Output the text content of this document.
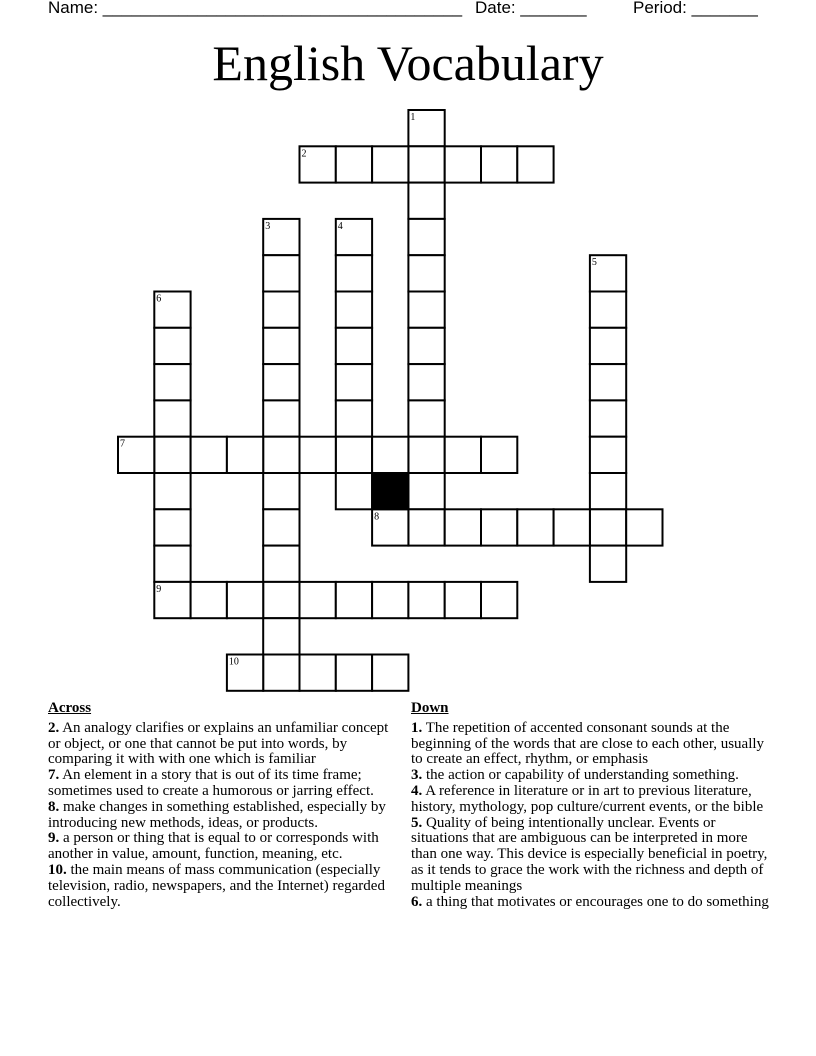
Name: ______________________________________ Date: _______	Period: _______
English Vocabulary
1
2
3	4
5
6
7
8
9
10
Across

2. An analogy clarifies or explains an unfamiliar concept or object, or one that cannot be put into words, by comparing it with with one which is familiar

7. An element in a story that is out of its time frame; sometimes used to create a humorous or jarring effect.

8. make changes in something established, especially by introducing new methods, ideas, or products.

9. a person or thing that is equal to or corresponds with another in value, amount, function, meaning, etc.

10. the main means of mass communication (especially television, radio, newspapers, and the Internet) regarded collectively.

Down

1. The repetition of accented consonant sounds at the beginning of the words that are close to each other, usually to create an effect, rhythm, or emphasis

3. the action or capability of understanding something.

4. A reference in literature or in art to previous literature, history, mythology, pop culture/current events, or the bible

5. Quality of being intentionally unclear. Events or situations that are ambiguous can be interpreted in more than one way. This device is especially beneficial in poetry, as it tends to grace the work with the richness and depth of multiple meanings

6. a thing that motivates or encourages one to do something
